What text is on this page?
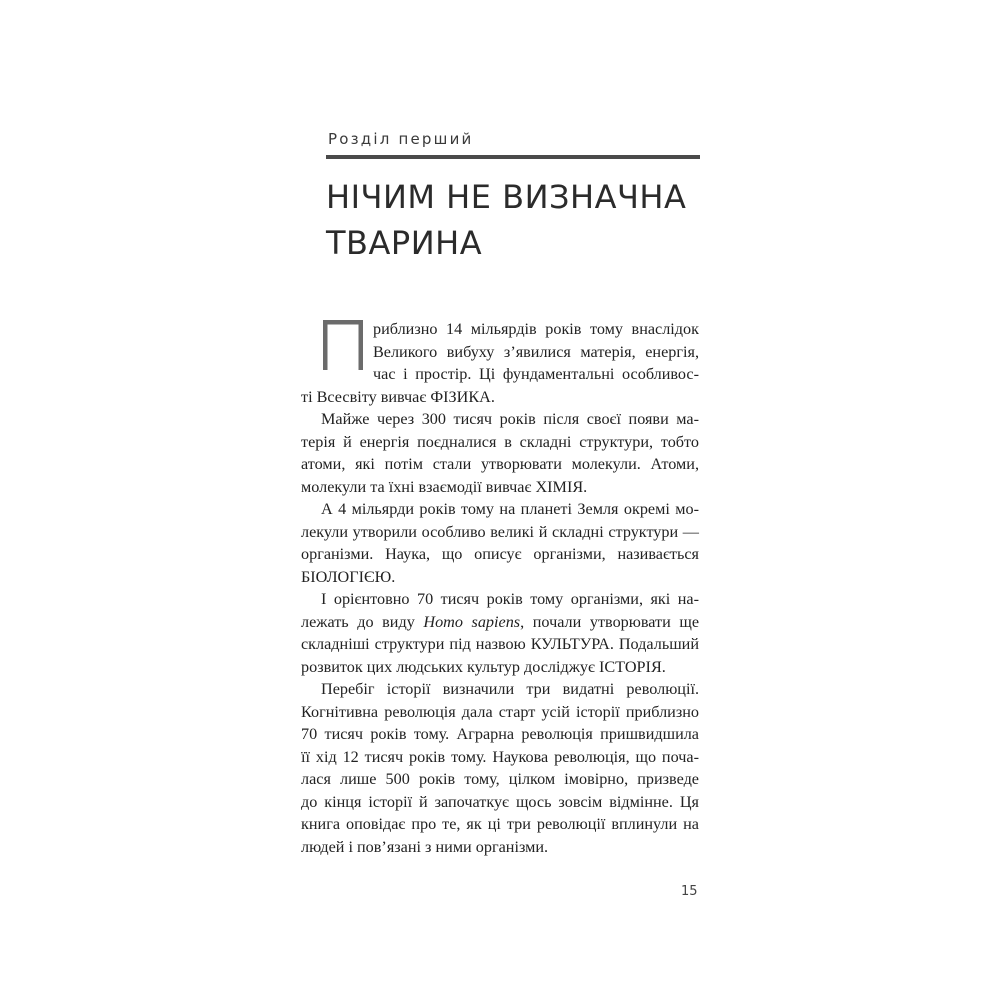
Розділ перший
НІЧИМ НЕ ВИЗНАЧНА
ТВАРИНА
риблизно 14 мільярдів років тому внаслідок
Великого вибуху з’явилися матерія, енергія,
час і простір. Ці фундаментальні особливос-
ті Всесвіту вивчає ФІЗИКА.
Майже через 300 тисяч років після своєї появи ма-
терія й енергія поєдналися в складні структури, тобто
атоми, які потім стали утворювати молекули. Атоми,
молекули та їхні взаємодії вивчає ХІМІЯ.
А 4 мільярди років тому на планеті Земля окремі мо-
лекули утворили особливо великі й складні структури —
організми. Наука, що описує організми, називається
БІОЛОГІЄЮ.
І орієнтовно 70 тисяч років тому організми, які на-
лежать до виду Homo sapiens, почали утворювати ще
складніші структури під назвою КУЛЬТУРА. Подальший
розвиток цих людських культур досліджує ІСТОРІЯ.
Перебіг історії визначили три видатні революції.
Когнітивна революція дала старт усій історії приблизно
70 тисяч років тому. Аграрна революція пришвидшила
її хід 12 тисяч років тому. Наукова революція, що поча-
лася лише 500 років тому, цілком імовірно, призведе
до кінця історії й започаткує щось зовсім відмінне. Ця
книга оповідає про те, як ці три революції вплинули на
людей і пов’язані з ними організми.
15
